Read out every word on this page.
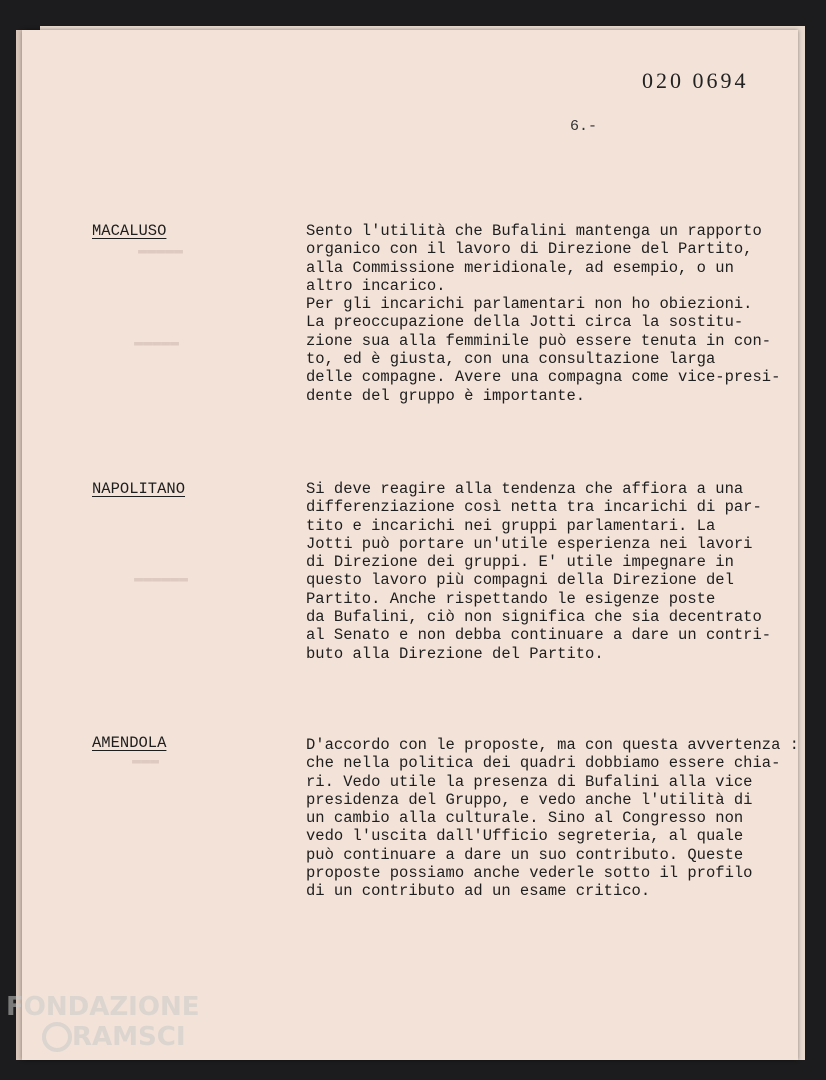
▬▬▬▬▬
▬▬▬▬▬
▬▬▬▬▬▬
▬▬▬
020 0694
6.-
MACALUSO	Sento l'utilità che Bufalini mantenga un rapporto
organico con il lavoro di Direzione del Partito,
alla Commissione meridionale, ad esempio, o un
altro incarico.
Per gli incarichi parlamentari non ho obiezioni.
La preoccupazione della Jotti circa la sostitu-
zione sua alla femminile può essere tenuta in con-
to, ed è giusta, con una consultazione larga
delle compagne. Avere una compagna come vice-presi-
dente del gruppo è importante.
NAPOLITANO	Si deve reagire alla tendenza che affiora a una
differenziazione così netta tra incarichi di par-
tito e incarichi nei gruppi parlamentari. La
Jotti può portare un'utile esperienza nei lavori
di Direzione dei gruppi. E' utile impegnare in
questo lavoro più compagni della Direzione del
Partito. Anche rispettando le esigenze poste
da Bufalini, ciò non significa che sia decentrato
al Senato e non debba continuare a dare un contri-
buto alla Direzione del Partito.
AMENDOLA	D'accordo con le proposte, ma con questa avvertenza :
che nella politica dei quadri dobbiamo essere chia-
ri. Vedo utile la presenza di Bufalini alla vice
presidenza del Gruppo, e vedo anche l'utilità di
un cambio alla culturale. Sino al Congresso non
vedo l'uscita dall'Ufficio segreteria, al quale
può continuare a dare un suo contributo. Queste
proposte possiamo anche vederle sotto il profilo
di un contributo ad un esame critico.
FONDAZIONE
RAMSCI
